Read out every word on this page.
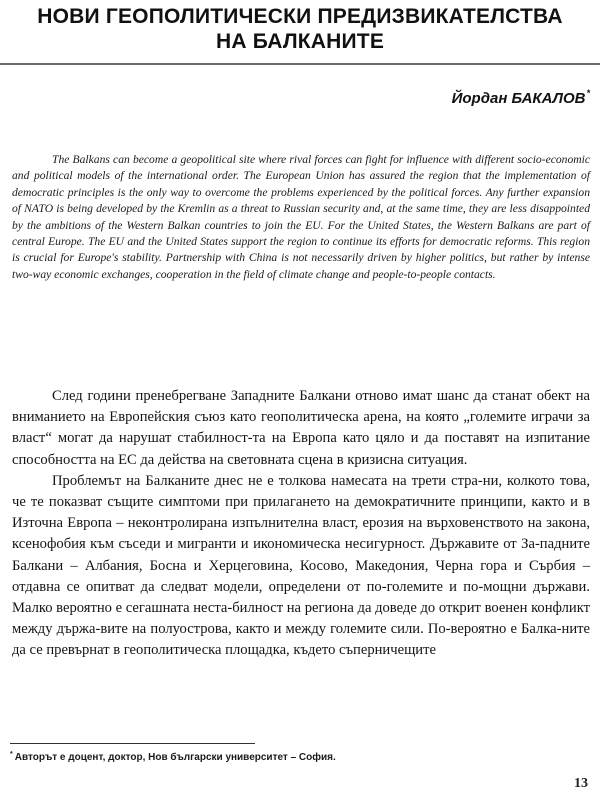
НОВИ ГЕОПОЛИТИЧЕСКИ ПРЕДИЗВИКАТЕЛСТВА
НА БАЛКАНИТЕ
Йордан БАКАЛОВ*

The Balkans can become a geopolitical site where rival forces can fight for influence with different socio-economic and political models of the international order. The European Union has assured the region that the implementation of democratic principles is the only way to overcome the problems experienced by the political forces. Any further expansion of NATO is being developed by the Kremlin as a threat to Russian security and, at the same time, they are less disappointed by the ambitions of the Western Balkan countries to join the EU. For the United States, the Western Balkans are part of central Europe. The EU and the United States support the region to continue its efforts for democratic reforms. This region is crucial for Europe's stability. Partnership with China is not necessarily driven by higher politics, but rather by intense two-way economic exchanges, cooperation in the field of climate change and people-to-people contacts.

След години пренебрегване Западните Балкани отново имат шанс да станат обект на вниманието на Европейския съюз като геополитическа арена, на която „големите играчи за власт“ могат да нарушат стабилност-та на Европа като цяло и да поставят на изпитание способността на ЕС да действа на световната сцена в кризисна ситуация.

Проблемът на Балканите днес не е толкова намесата на трети стра-ни, колкото това, че те показват същите симптоми при прилагането на демократичните принципи, както и в Източна Европа – неконтролирана изпълнителна власт, ерозия на върховенството на закона, ксенофобия към съседи и мигранти и икономическа несигурност. Държавите от За-падните Балкани – Албания, Босна и Херцеговина, Косово, Македония, Черна гора и Сърбия – отдавна се опитват да следват модели, определени от по-големите и по-мощни държави. Малко вероятно е сегашната неста-билност на региона да доведе до открит военен конфликт между държа-вите на полуострова, както и между големите сили. По-вероятно е Балка-ните да се превърнат в геополитическа площадка, където съперничещите

* Авторът е доцент, доктор, Нов български университет – София.
13
